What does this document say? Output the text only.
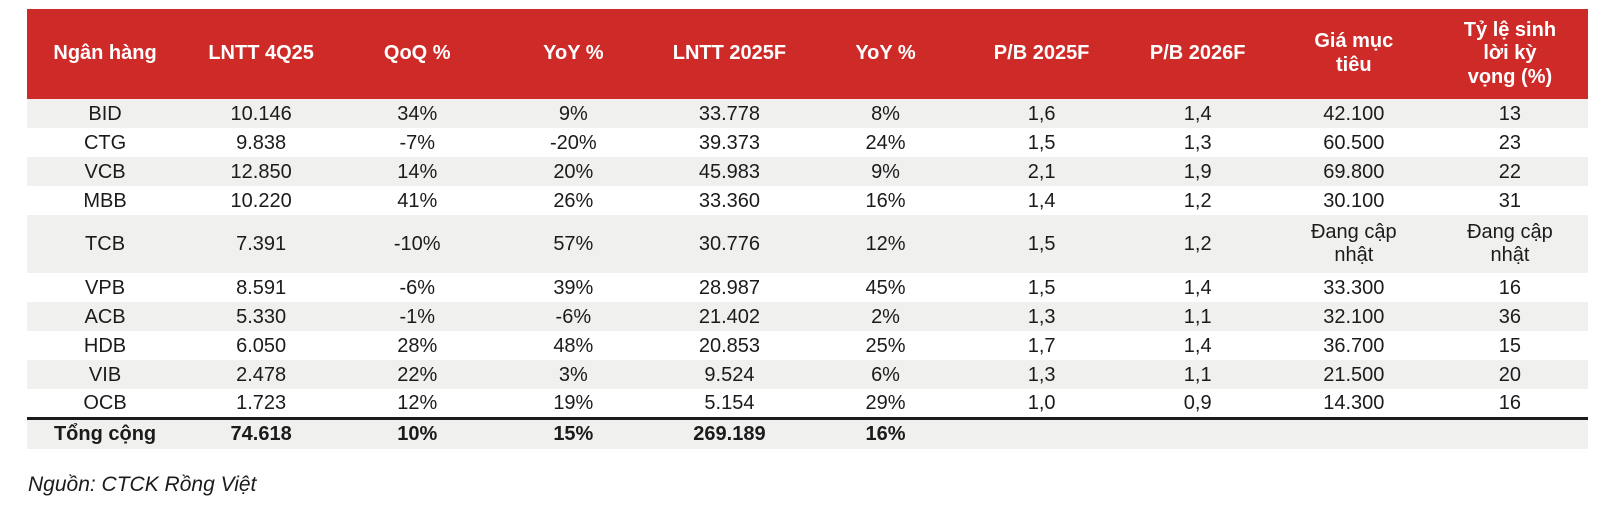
Ngân hàng	LNTT 4Q25	QoQ %	YoY %	LNTT 2025F	YoY %	P/B 2025F	P/B 2026F	Giá mục tiêu	Tỷ lệ sinh lời kỳ vọng (%)
BID	10.146	34%	9%	33.778	8%	1,6	1,4	42.100	13
CTG	9.838	-7%	-20%	39.373	24%	1,5	1,3	60.500	23
VCB	12.850	14%	20%	45.983	9%	2,1	1,9	69.800	22
MBB	10.220	41%	26%	33.360	16%	1,4	1,2	30.100	31
TCB	7.391	-10%	57%	30.776	12%	1,5	1,2	Đang cập nhật	Đang cập nhật
VPB	8.591	-6%	39%	28.987	45%	1,5	1,4	33.300	16
ACB	5.330	-1%	-6%	21.402	2%	1,3	1,1	32.100	36
HDB	6.050	28%	48%	20.853	25%	1,7	1,4	36.700	15
VIB	2.478	22%	3%	9.524	6%	1,3	1,1	21.500	20
OCB	1.723	12%	19%	5.154	29%	1,0	0,9	14.300	16
Tổng cộng	74.618	10%	15%	269.189	16%				
Nguồn: CTCK Rồng Việt
